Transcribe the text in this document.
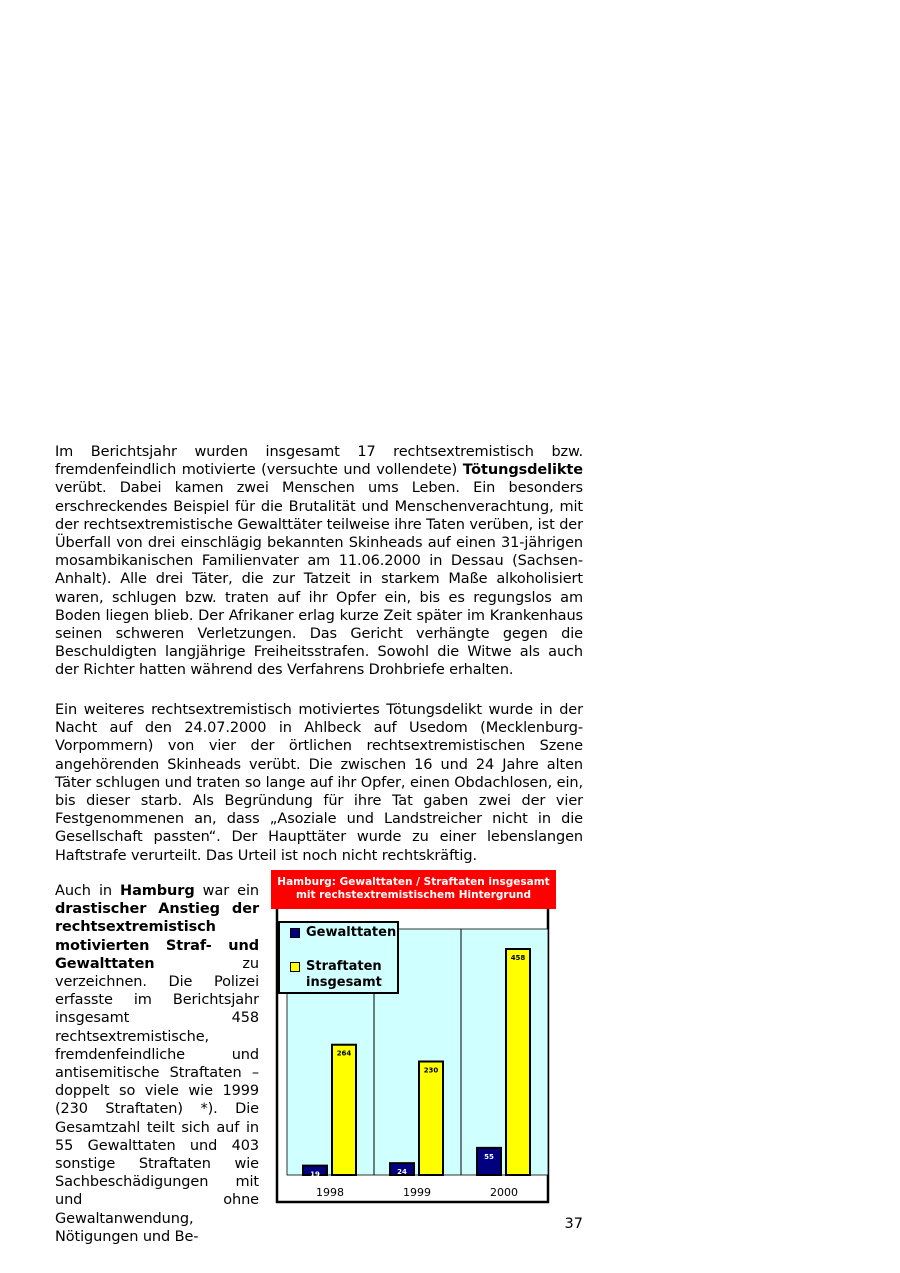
Im Berichtsjahr wurden insgesamt 17 rechtsextremistisch bzw. fremdenfeindlich motivierte (versuchte und vollendete) Tötungsdelikte verübt. Dabei kamen zwei Menschen ums Leben. Ein besonders erschreckendes Beispiel für die Brutalität und Menschenverachtung, mit der rechtsextremistische Gewalttäter teilweise ihre Taten verüben, ist der Überfall von drei einschlägig bekannten Skinheads auf einen 31-jährigen mosambikanischen Familienvater am 11.06.2000 in Dessau (Sachsen-Anhalt). Alle drei Täter, die zur Tatzeit in starkem Maße alkoholisiert waren, schlugen bzw. traten auf ihr Opfer ein, bis es regungslos am Boden liegen blieb. Der Afrikaner erlag kurze Zeit später im Krankenhaus seinen schweren Verletzungen. Das Gericht verhängte gegen die Beschuldigten langjährige Freiheitsstrafen. Sowohl die Witwe als auch der Richter hatten während des Verfahrens Drohbriefe erhalten.

Ein weiteres rechtsextremistisch motiviertes Tötungsdelikt wurde in der Nacht auf den 24.07.2000 in Ahlbeck auf Usedom (Mecklenburg-Vorpommern) von vier der örtlichen rechtsextremistischen Szene angehörenden Skinheads verübt. Die zwischen 16 und 24 Jahre alten Täter schlugen und traten so lange auf ihr Opfer, einen Obdachlosen, ein, bis dieser starb. Als Begründung für ihre Tat gaben zwei der vier Festgenommenen an, dass „Asoziale und Landstreicher nicht in die Gesellschaft passten“. Der Haupttäter wurde zu einer lebenslangen Haftstrafe verurteilt. Das Urteil ist noch nicht rechtskräftig.

Auch in Hamburg war ein drastischer Anstieg der rechtsextremistisch motivierten Straf- und Gewalttaten zu verzeichnen. Die Polizei erfasste im Berichtsjahr insgesamt 458 rechtsextremistische, fremdenfeindliche und antisemitische Straftaten – doppelt so viele wie 1999 (230 Straftaten) *). Die Gesamtzahl teilt sich auf in 55 Gewalttaten und 403 sonstige Straftaten wie Sachbeschädigungen mit und ohne Gewaltanwendung, Nötigungen und Be-

19
264
24
230
55
458
1998	1999	2000
Hamburg: Gewalttaten / Straftaten insgesamt
mit rechstextremistischem Hintergrund
Gewalttaten
Straftaten
insgesamt
37
